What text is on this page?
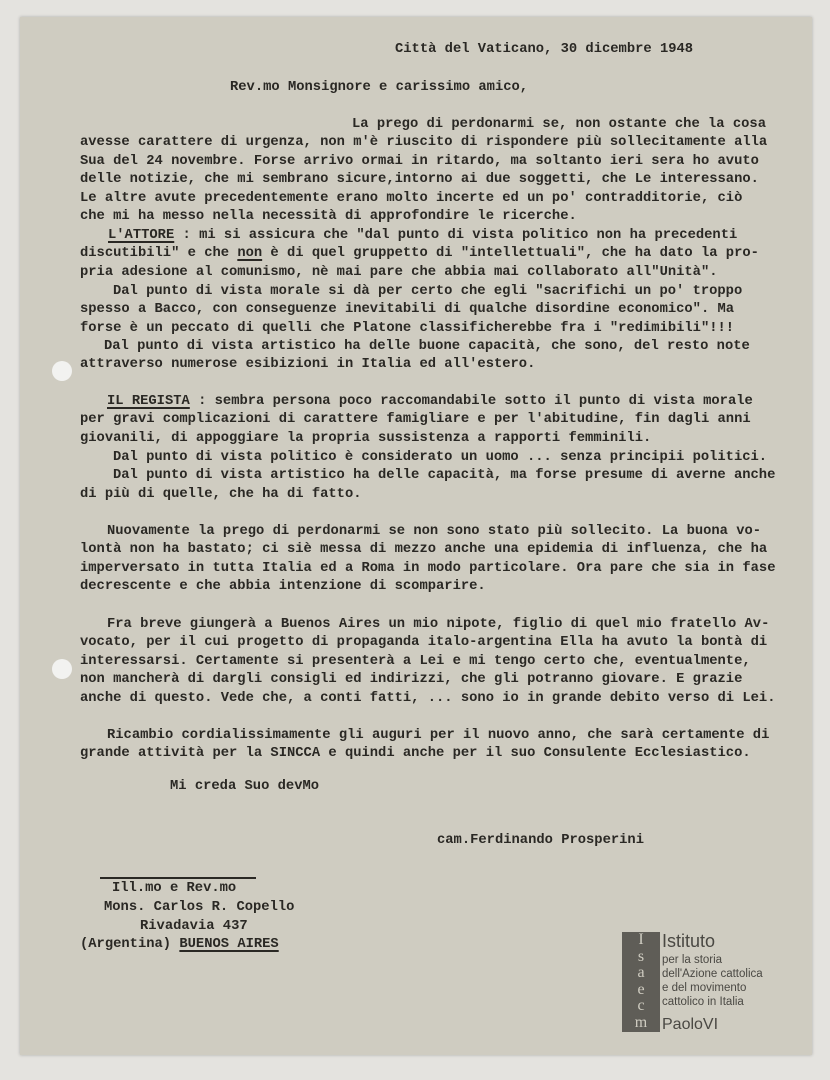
Città del Vaticano, 30 dicembre 1948
Rev.mo Monsignore e carissimo amico,
La prego di perdonarmi se, non ostante che la cosa
avesse carattere di urgenza, non m'è riuscito di rispondere più sollecitamente alla
Sua del 24 novembre. Forse arrivo ormai in ritardo, ma soltanto ieri sera ho avuto
delle notizie, che mi sembrano sicure,intorno ai due soggetti, che Le interessano.
Le altre avute precedentemente erano molto incerte ed un po' contradditorie, ciò
che mi ha messo nella necessità di approfondire le ricerche.
L'ATTORE : mi si assicura che "dal punto di vista politico non ha precedenti
discutibili" e che non è di quel gruppetto di "intellettuali", che ha dato la pro-
pria adesione al comunismo, nè mai pare che abbia mai collaborato all"Unità".
Dal punto di vista morale si dà per certo che egli "sacrifichi un po' troppo
spesso a Bacco, con conseguenze inevitabili di qualche disordine economico". Ma
forse è un peccato di quelli che Platone classificherebbe fra i "redimibili"!!!
Dal punto di vista artistico ha delle buone capacità, che sono, del resto note
attraverso numerose esibizioni in Italia ed all'estero.
IL REGISTA : sembra persona poco raccomandabile sotto il punto di vista morale
per gravi complicazioni di carattere famigliare e per l'abitudine, fin dagli anni
giovanili, di appoggiare la propria sussistenza a rapporti femminili.
Dal punto di vista politico è considerato un uomo ... senza principii politici.
Dal punto di vista artistico ha delle capacità, ma forse presume di averne anche
di più di quelle, che ha di fatto.
Nuovamente la prego di perdonarmi se non sono stato più sollecito. La buona vo-
lontà non ha bastato; ci siè messa di mezzo anche una epidemia di influenza, che ha
imperversato in tutta Italia ed a Roma in modo particolare. Ora pare che sia in fase
decrescente e che abbia intenzione di scomparire.
Fra breve giungerà a Buenos Aires un mio nipote, figlio di quel mio fratello Av-
vocato, per il cui progetto di propaganda italo-argentina Ella ha avuto la bontà di
interessarsi. Certamente si presenterà a Lei e mi tengo certo che, eventualmente,
non mancherà di dargli consigli ed indirizzi, che gli potranno giovare. E grazie
anche di questo. Vede che, a conti fatti, ... sono io in grande debito verso di Lei.
Ricambio cordialissimamente gli auguri per il nuovo anno, che sarà certamente di
grande attività per la SINCCA e quindi anche per il suo Consulente Ecclesiastico.
Mi creda Suo devMo
cam.Ferdinando Prosperini
Ill.mo e Rev.mo
Mons. Carlos R. Copello
Rivadavia 437
(Argentina) BUENOS AIRES	I
s
a
e
c
m
Istituto
per la storia
dell'Azione cattolica
e del movimento
cattolico in Italia
PaoloVI
